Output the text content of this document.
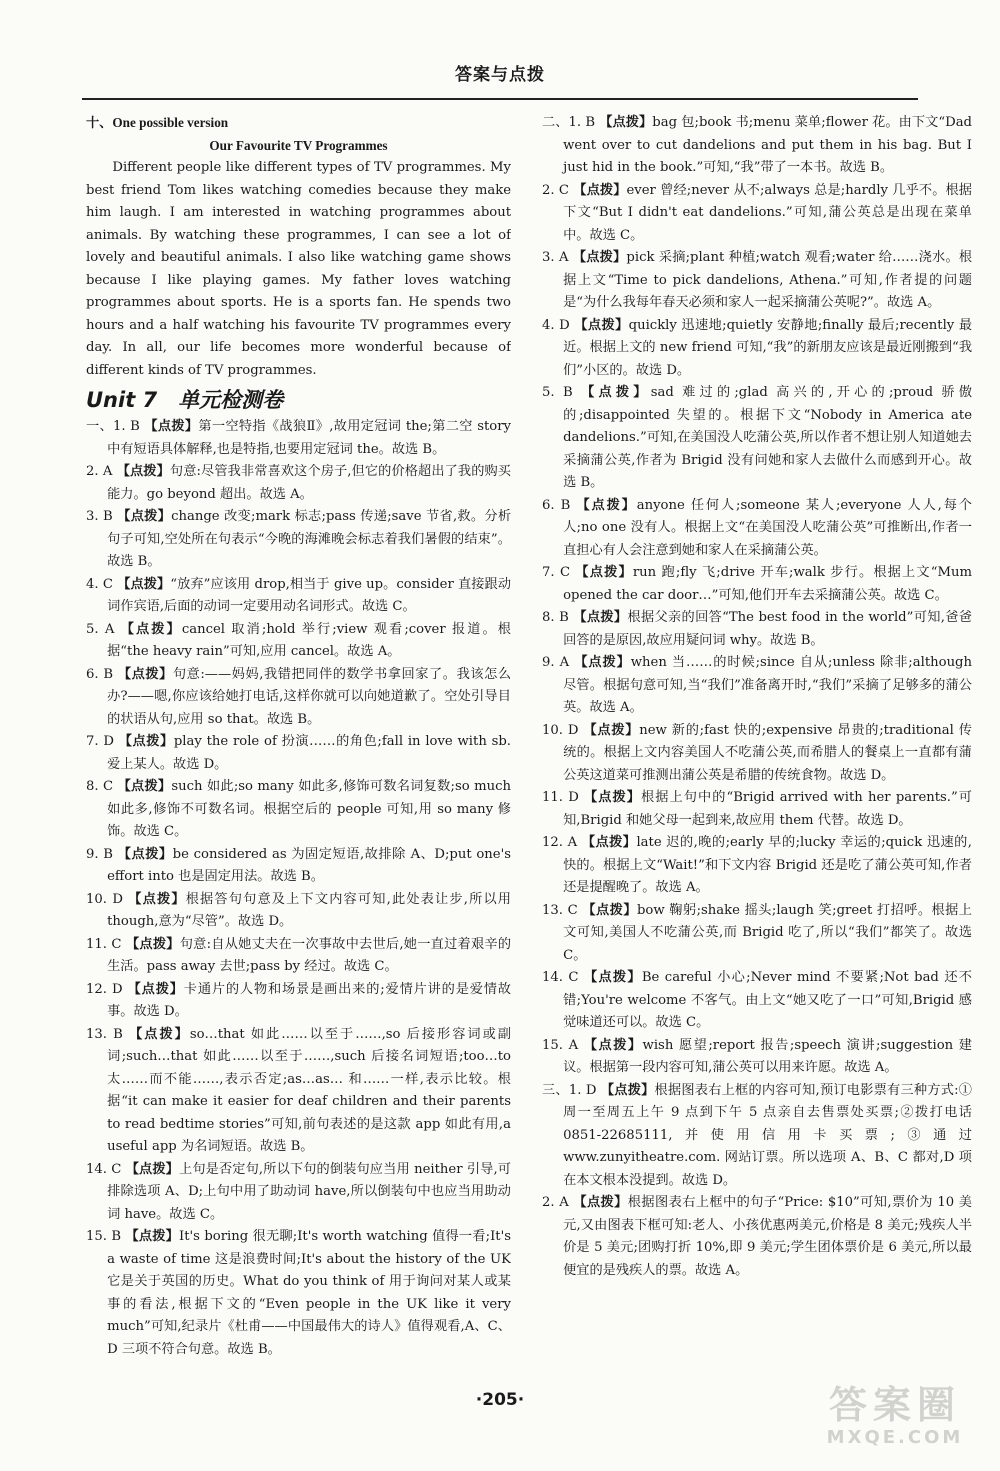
答案与点拨

十、One possible version

Our Favourite TV Programmes

Different people like different types of TV programmes. My best friend Tom likes watching comedies because they make him laugh. I am interested in watching programmes about animals. By watching these programmes, I can see a lot of lovely and beautiful animals. I also like watching game shows because I like playing games. My father loves watching programmes about sports. He is a sports fan. He spends two hours and a half watching his favourite TV programmes every day. In all, our life becomes more wonderful because of different kinds of TV programmes.

Unit 7　单元检测卷

一、1. B 【点拨】第一空特指《战狼Ⅱ》,故用定冠词 the;第二空 story 中有短语具体解释,也是特指,也要用定冠词 the。故选 B。

2. A 【点拨】句意:尽管我非常喜欢这个房子,但它的价格超出了我的购买能力。go beyond 超出。故选 A。

3. B 【点拨】change 改变;mark 标志;pass 传递;save 节省,救。分析句子可知,空处所在句表示“今晚的海滩晚会标志着我们暑假的结束”。故选 B。

4. C 【点拨】“放弃”应该用 drop,相当于 give up。consider 直接跟动词作宾语,后面的动词一定要用动名词形式。故选 C。

5. A 【点拨】cancel 取消;hold 举行;view 观看;cover 报道。根据“the heavy rain”可知,应用 cancel。故选 A。

6. B 【点拨】句意:——妈妈,我错把同伴的数学书拿回家了。我该怎么办?——嗯,你应该给她打电话,这样你就可以向她道歉了。空处引导目的状语从句,应用 so that。故选 B。

7. D 【点拨】play the role of 扮演……的角色;fall in love with sb. 爱上某人。故选 D。

8. C 【点拨】such 如此;so many 如此多,修饰可数名词复数;so much 如此多,修饰不可数名词。根据空后的 people 可知,用 so many 修饰。故选 C。

9. B 【点拨】be considered as 为固定短语,故排除 A、D;put one's effort into 也是固定用法。故选 B。

10. D 【点拨】根据答句句意及上下文内容可知,此处表让步,所以用 though,意为“尽管”。故选 D。

11. C 【点拨】句意:自从她丈夫在一次事故中去世后,她一直过着艰辛的生活。pass away 去世;pass by 经过。故选 C。

12. D 【点拨】卡通片的人物和场景是画出来的;爱情片讲的是爱情故事。故选 D。

13. B 【点拨】so…that 如此……以至于……,so 后接形容词或副词;such…that 如此……以至于……,such 后接名词短语;too…to 太……而不能……,表示否定;as…as… 和……一样,表示比较。根据“it can make it easier for deaf children and their parents to read bedtime stories”可知,前句表述的是这款 app 如此有用,a useful app 为名词短语。故选 B。

14. C 【点拨】上句是否定句,所以下句的倒装句应当用 neither 引导,可排除选项 A、D;上句中用了助动词 have,所以倒装句中也应当用助动词 have。故选 C。

15. B 【点拨】It's boring 很无聊;It's worth watching 值得一看;It's a waste of time 这是浪费时间;It's about the history of the UK 它是关于英国的历史。What do you think of 用于询问对某人或某事的看法,根据下文的“Even people in the UK like it very much”可知,纪录片《杜甫——中国最伟大的诗人》值得观看,A、C、D 三项不符合句意。故选 B。

二、1. B 【点拨】bag 包;book 书;menu 菜单;flower 花。由下文“Dad went over to cut dandelions and put them in his bag. But I just hid in the book.”可知,“我”带了一本书。故选 B。

2. C 【点拨】ever 曾经;never 从不;always 总是;hardly 几乎不。根据下文“But I didn't eat dandelions.”可知,蒲公英总是出现在菜单中。故选 C。

3. A 【点拨】pick 采摘;plant 种植;watch 观看;water 给……浇水。根据上文“Time to pick dandelions, Athena.”可知,作者提的问题是“为什么我每年春天必须和家人一起采摘蒲公英呢?”。故选 A。

4. D 【点拨】quickly 迅速地;quietly 安静地;finally 最后;recently 最近。根据上文的 new friend 可知,“我”的新朋友应该是最近刚搬到“我们”小区的。故选 D。

5. B 【点拨】sad 难过的;glad 高兴的,开心的;proud 骄傲的;disappointed 失望的。根据下文“Nobody in America ate dandelions.”可知,在美国没人吃蒲公英,所以作者不想让别人知道她去采摘蒲公英,作者为 Brigid 没有问她和家人去做什么而感到开心。故选 B。

6. B 【点拨】anyone 任何人;someone 某人;everyone 人人,每个人;no one 没有人。根据上文“在美国没人吃蒲公英”可推断出,作者一直担心有人会注意到她和家人在采摘蒲公英。

7. C 【点拨】run 跑;fly 飞;drive 开车;walk 步行。根据上文“Mum opened the car door…”可知,他们开车去采摘蒲公英。故选 C。

8. B 【点拨】根据父亲的回答“The best food in the world”可知,爸爸回答的是原因,故应用疑问词 why。故选 B。

9. A 【点拨】when 当……的时候;since 自从;unless 除非;although 尽管。根据句意可知,当“我们”准备离开时,“我们”采摘了足够多的蒲公英。故选 A。

10. D 【点拨】new 新的;fast 快的;expensive 昂贵的;traditional 传统的。根据上文内容美国人不吃蒲公英,而希腊人的餐桌上一直都有蒲公英这道菜可推测出蒲公英是希腊的传统食物。故选 D。

11. D 【点拨】根据上句中的“Brigid arrived with her parents.”可知,Brigid 和她父母一起到来,故应用 them 代替。故选 D。

12. A 【点拨】late 迟的,晚的;early 早的;lucky 幸运的;quick 迅速的,快的。根据上文“Wait!”和下文内容 Brigid 还是吃了蒲公英可知,作者还是提醒晚了。故选 A。

13. C 【点拨】bow 鞠躬;shake 摇头;laugh 笑;greet 打招呼。根据上文可知,美国人不吃蒲公英,而 Brigid 吃了,所以“我们”都笑了。故选 C。

14. C 【点拨】Be careful 小心;Never mind 不要紧;Not bad 还不错;You're welcome 不客气。由上文“她又吃了一口”可知,Brigid 感觉味道还可以。故选 C。

15. A 【点拨】wish 愿望;report 报告;speech 演讲;suggestion 建议。根据第一段内容可知,蒲公英可以用来许愿。故选 A。

三、1. D 【点拨】根据图表右上框的内容可知,预订电影票有三种方式:①周一至周五上午 9 点到下午 5 点亲自去售票处买票;②拨打电话 0851-22685111,并使用信用卡买票;③通过 www.zunyitheatre.com. 网站订票。所以选项 A、B、C 都对,D 项在本文根本没提到。故选 D。

2. A 【点拨】根据图表右上框中的句子“Price: $10”可知,票价为 10 美元,又由图表下框可知:老人、小孩优惠两美元,价格是 8 美元;残疾人半价是 5 美元;团购打折 10%,即 9 美元;学生团体票价是 6 美元,所以最便宜的是残疾人的票。故选 A。

·205·	答案圈
MXQE.COM
